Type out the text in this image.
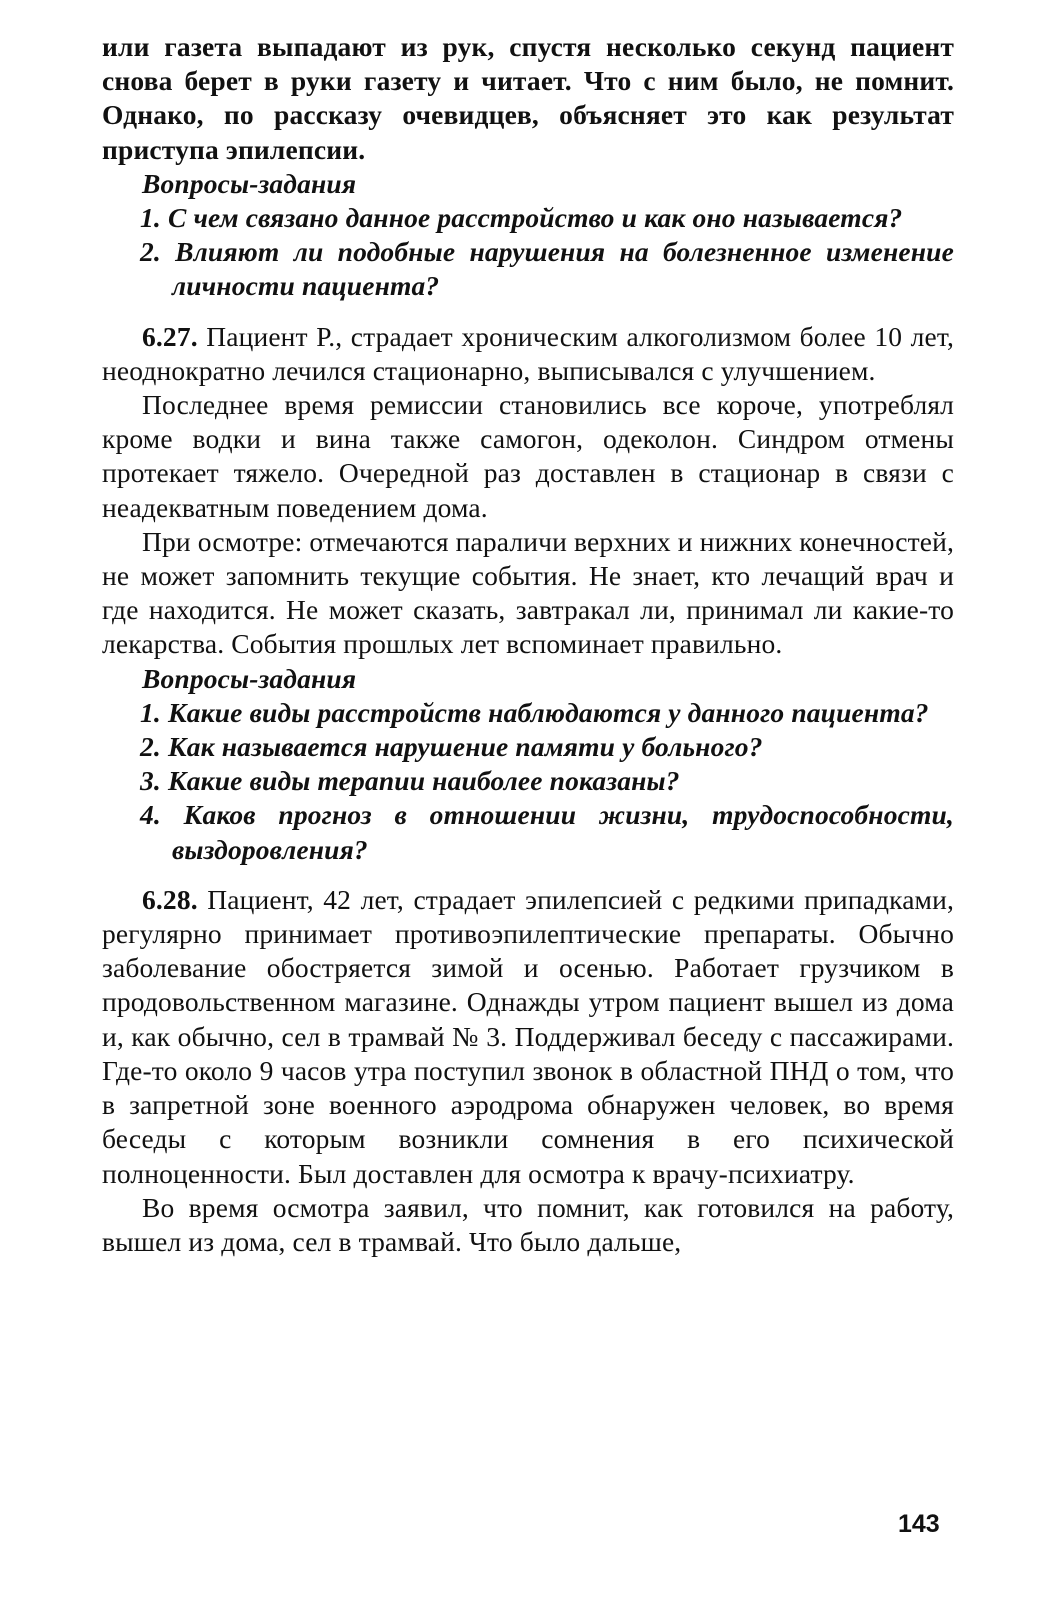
или газета выпадают из рук, спустя несколько секунд пациент снова берет в руки газету и читает. Что с ним было, не помнит. Однако, по рассказу очевидцев, объясняет это как результат приступа эпилепсии.

Вопросы-задания

1. С чем связано данное расстройство и как оно называется?

2. Влияют ли подобные нарушения на болезненное изменение личности пациента?

6.27. Пациент Р., страдает хроническим алкоголизмом более 10 лет, неоднократно лечился стационарно, выписывался с улучшением.

Последнее время ремиссии становились все короче, употреблял кроме водки и вина также самогон, одеколон. Синдром отмены протекает тяжело. Очередной раз доставлен в стационар в связи с неадекватным поведением дома.

При осмотре: отмечаются параличи верхних и нижних конечностей, не может запомнить текущие события. Не знает, кто лечащий врач и где находится. Не может сказать, завтракал ли, принимал ли какие-то лекарства. События прошлых лет вспоминает правильно.

Вопросы-задания

1. Какие виды расстройств наблюдаются у данного пациента?

2. Как называется нарушение памяти у больного?

3. Какие виды терапии наиболее показаны?

4. Каков прогноз в отношении жизни, трудоспособности, выздоровления?

6.28. Пациент, 42 лет, страдает эпилепсией с редкими припадками, регулярно принимает противоэпилептические препараты. Обычно заболевание обостряется зимой и осенью. Работает грузчиком в продовольственном магазине. Однажды утром пациент вышел из дома и, как обычно, сел в трамвай № 3. Поддерживал беседу с пассажирами. Где-то около 9 часов утра поступил звонок в областной ПНД о том, что в запретной зоне военного аэродрома обнаружен человек, во время беседы с которым возникли сомнения в его психической полноценности. Был доставлен для осмотра к врачу-психиатру.

Во время осмотра заявил, что помнит, как готовился на работу, вышел из дома, сел в трамвай. Что было дальше,

143
